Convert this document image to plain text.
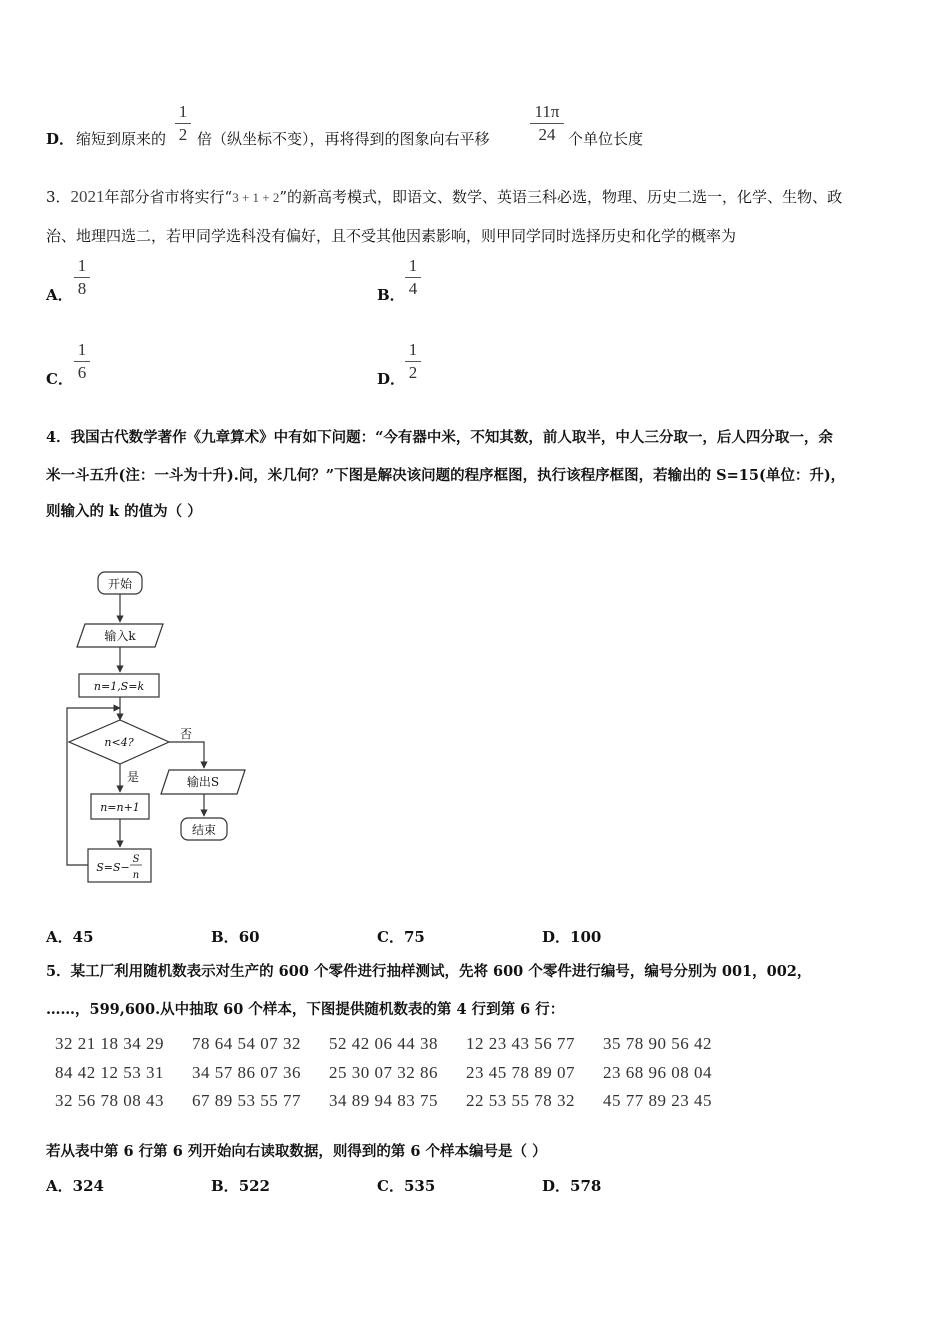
D． 缩短到原来的
1
2 倍（纵坐标不变），再将得到的图象向右平移
11π
24 个单位长度
3．2021年部分省市将实行“3 + 1 + 2”的新高考模式，即语文、数学、英语三科必选，物理、历史二选一，化学、生物、政
治、地理四选二，若甲同学选科没有偏好，且不受其他因素影响，则甲同学同时选择历史和化学的概率为
A．
1
8	B．
1
4
C．
1
6	D．
1
2
4．我国古代数学著作《九章算术》中有如下问题：“今有器中米，不知其数，前人取半，中人三分取一，后人四分取一，余
米一斗五升(注：一斗为十升).问，米几何？”下图是解决该问题的程序框图，执行该程序框图，若输出的 S=15(单位：升)，
则输入的 k 的值为（ ）
开始
输入k
n=1,S=k
n<4?
否
是
n=n+1
S=S−
S
n
输出S
结束
A．45	B．60	C．75	D．100
5．某工厂利用随机数表示对生产的 600 个零件进行抽样测试，先将 600 个零件进行编号，编号分别为 001，002，
……，599,600.从中抽取 60 个样本，下图提供随机数表的第 4 行到第 6 行：
32 21 18 34 29 78 64 54 07 32 52 42 06 44 38 12 23 43 56 77 35 78 90 56 42
84 42 12 53 31 34 57 86 07 36 25 30 07 32 86 23 45 78 89 07 23 68 96 08 04
32 56 78 08 43 67 89 53 55 77 34 89 94 83 75 22 53 55 78 32 45 77 89 23 45
若从表中第 6 行第 6 列开始向右读取数据，则得到的第 6 个样本编号是（ ）
A．324	B．522	C．535	D．578
